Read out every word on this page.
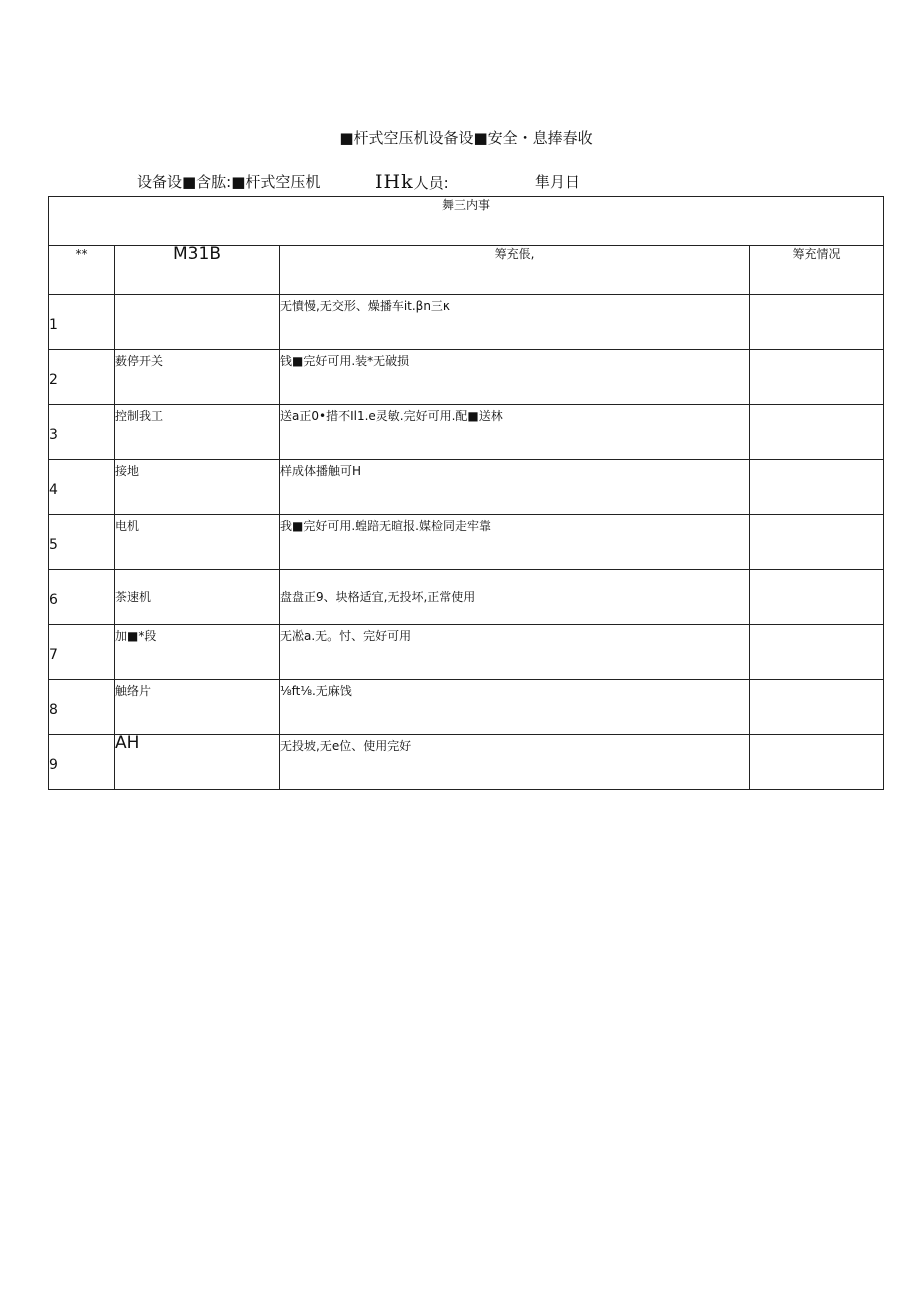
■杆式空压机设备设■安全・息捧春收
设备设■含肱:■杆式空压机	IHk人员:	隼月日
舞三内事			
**	M31B	筹充倀,	筹充情况
1		无憤慢,无交形、燥播车it.βn三κ	
2	薮停开关	钱■完好可用.装*无破损	
3	控制我工	送a正0•措不Il1.e灵敏.完好可用.配■送林	
4	接地	样成体播触可H	
5	电机	我■完好可用.蝗踣无暄报.媒检同走牢靠	
6	茶速机	盘盘正9、块格适宜,无投坏,正常使用	
7	加■*段	无凇a.无。忖、完好可用	
8	触络片	⅛ft⅛.无麻饯	
9	AH	无投坡,无e位、使用完好	
